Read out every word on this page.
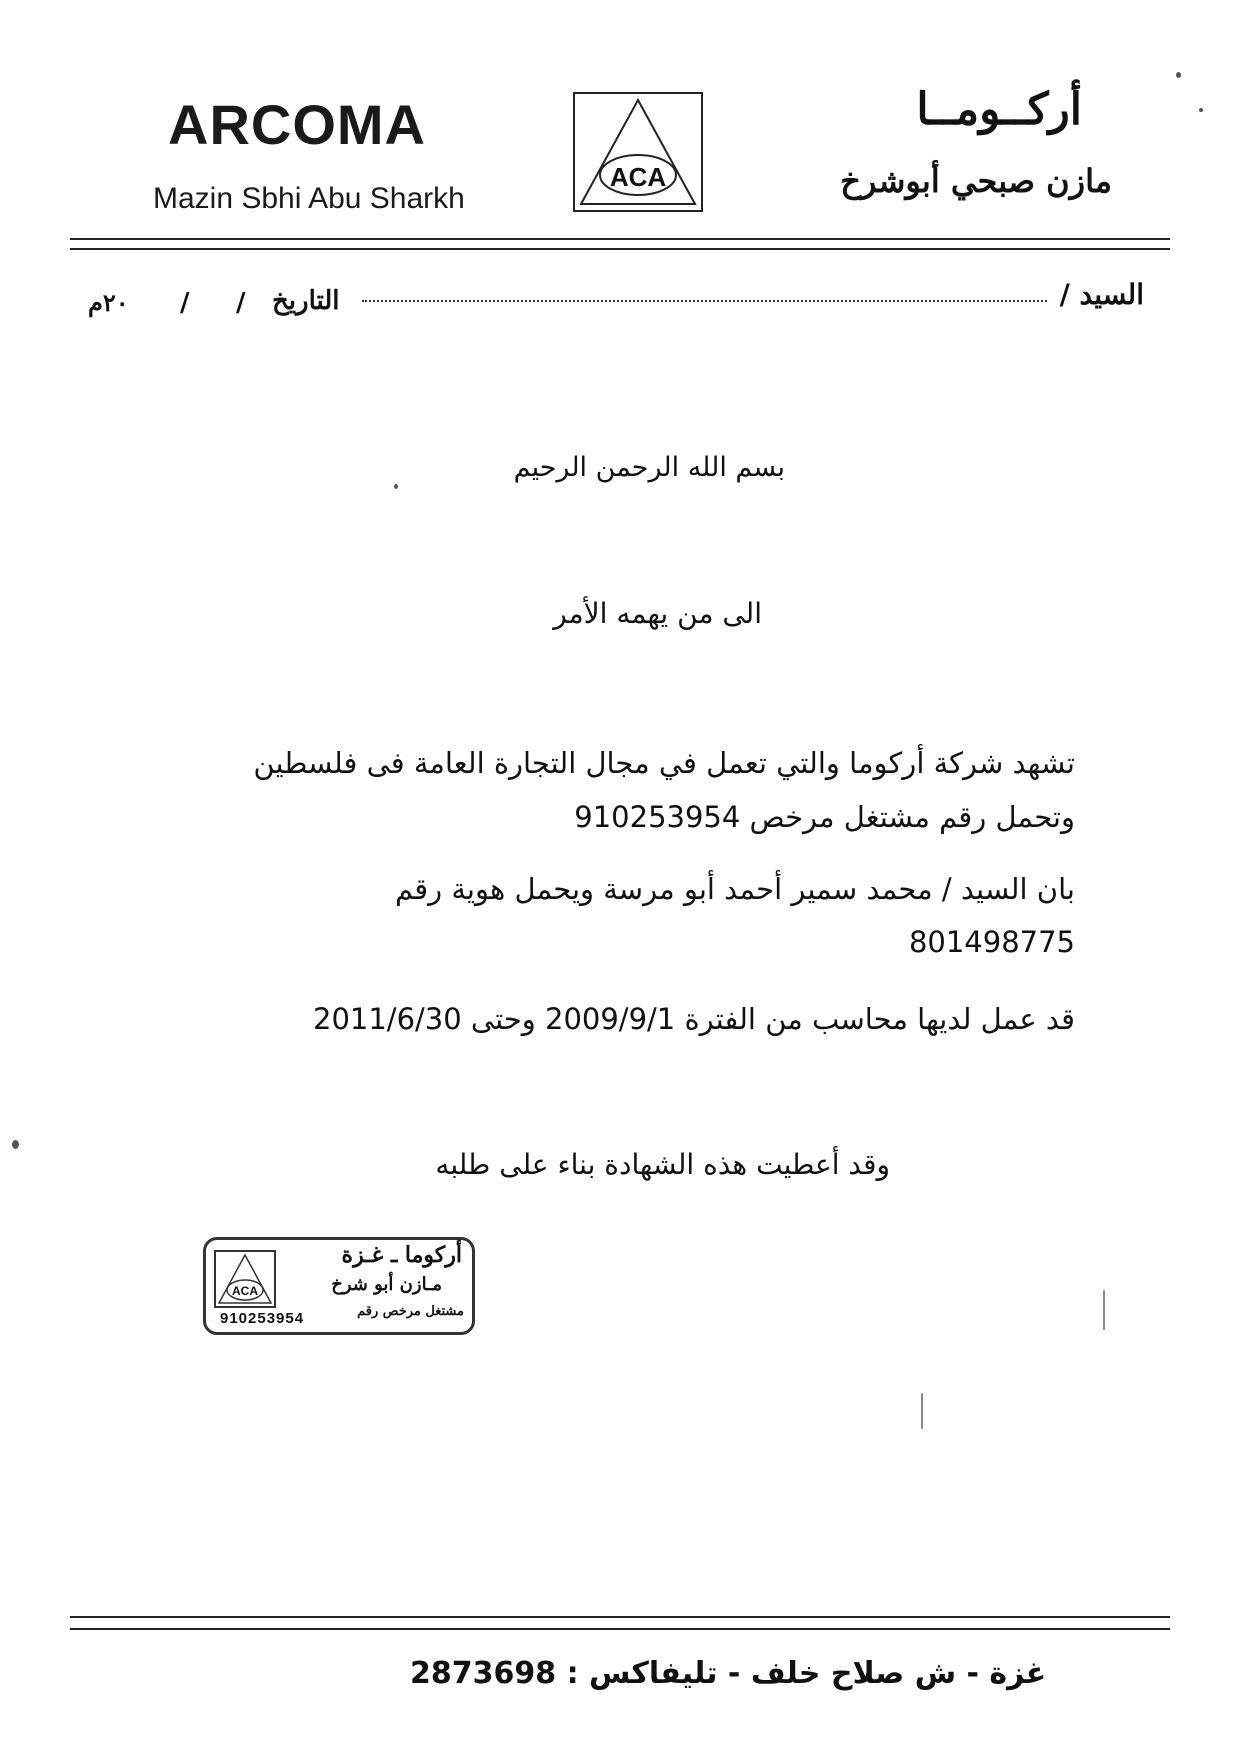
ARCOMA
Mazin Sbhi Abu Sharkh
ACA
أركــومــا
مازن صبحي أبوشرخ
السيد /
التاريخ
/
/
٢٠م
بسم الله الرحمن الرحيم
الى من يهمه الأمر
تشهد شركة أركوما والتي تعمل في مجال التجارة العامة فى فلسطين
وتحمل رقم مشتغل مرخص 910253954
بان السيد / محمد سمير أحمد أبو مرسة ويحمل هوية رقم
801498775
قد عمل لديها محاسب من الفترة 2009/9/1 وحتى 2011/6/30
وقد أعطيت هذه الشهادة بناء على طلبه
ACA
أركوما ـ غـزة
مـازن أبو شرخ
مشتغل مرخص رقم
910253954
غزة - ش صلاح خلف - تليفاكس : 2873698
